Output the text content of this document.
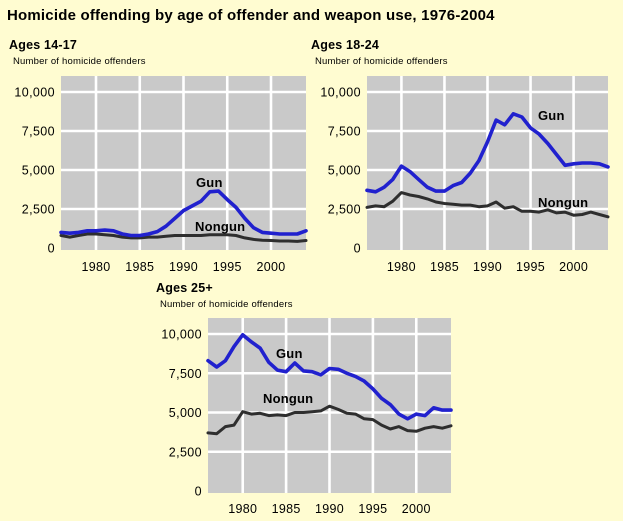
Homicide offending by age of offender and weapon use, 1976-2004
Ages 14-17
Number of homicide offenders
Ages 18-24
Number of homicide offenders
Ages 25+
Number of homicide offenders
Gun
Nongun
0
2,500
5,000
7,500
10,000
1980 1985 1990 1995 2000
Gun
Nongun
0
2,500
5,000
7,500
10,000
1980 1985 1990 1995 2000
Gun
Nongun
0
2,500
5,000
7,500
10,000
1980 1985 1990 1995 2000
